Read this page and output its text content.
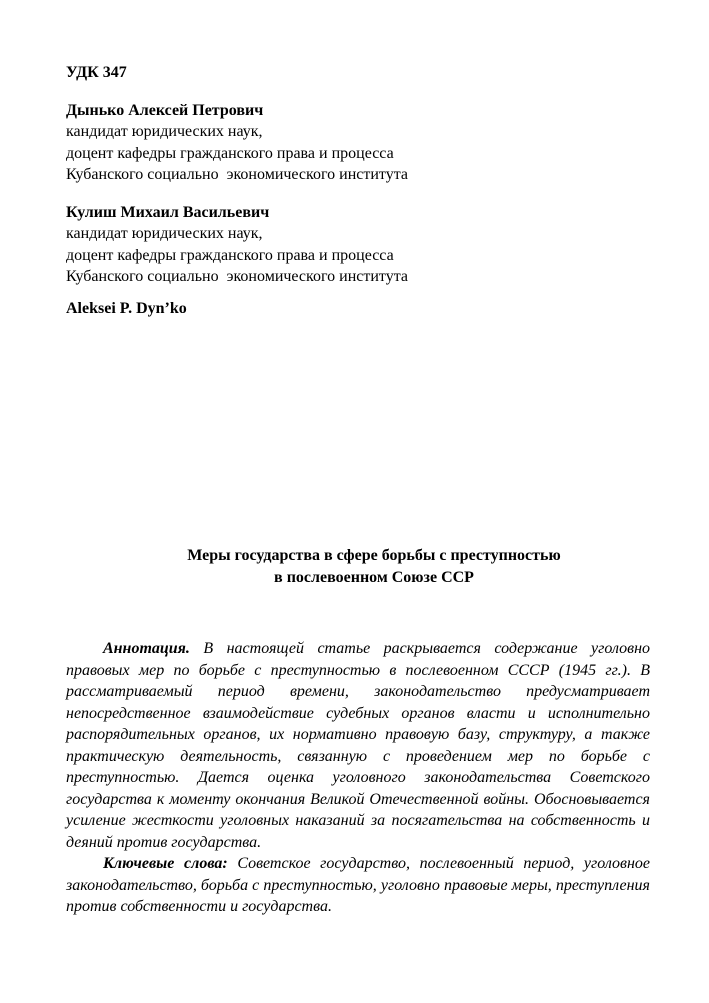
УДК 347
Дынько Алексей Петрович
кандидат юридических наук,
доцент кафедры гражданского права и процесса
Кубанского социально  экономического института
Кулиш Михаил Васильевич
кандидат юридических наук,
доцент кафедры гражданского права и процесса
Кубанского социально  экономического института
Aleksei P. Dyn’ko
Меры государства в сфере борьбы с преступностью
в послевоенном Союзе ССР

Аннотация. В настоящей статье раскрывается содержание уголовно правовых мер по борьбе с преступностью в послевоенном СССР (1945 гг.). В рассматриваемый период времени, законодательство предусматривает непосредственное взаимодействие судебных органов власти и исполнительно распорядительных органов, их нормативно правовую базу, структуру, а также практическую деятельность, связанную с проведением мер по борьбе с преступностью. Дается оценка уголовного законодательства Советского государства к моменту окончания Великой Отечественной войны. Обосновывается усиление жесткости уголовных наказаний за посягательства на собственность и деяний против государства.

Ключевые слова: Советское государство, послевоенный период, уголовное законодательство, борьба с преступностью, уголовно правовые меры, преступления против собственности и государства.
